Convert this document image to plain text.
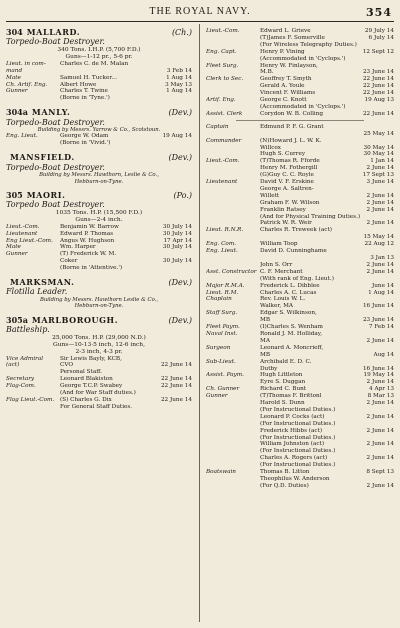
THE ROYAL NAVY.	354
304 MALLARD.	(Ch.)
Torpedo-Boat Destroyer.
340 Tons. I.H.P. (5,700 F.D.)
Guns—1-12 pr., 5-6 pr.
Lieut. in com-	Charles C. de M. Malan
mand	3 Feb 14
Mate	Samuel H. Tucker...	1 Aug 14
Ch. Artif. Eng.	Albert Howe	3 May 13
Gunner	Charles T. Twine	1 Aug 14
(Borne in 'Tyne.')
304a MANLY.	(Dev.)
Torpedo-Boat Destroyer.
Building by Messrs. Yarrow & Co., Scotstoun.
Eng. Lieut.	George W. Odam	19 Aug 14
(Borne in 'Vivid.')
MANSFIELD.	(Dev.)
Torpedo-Boat Destroyer.
Building by Messrs. Hawthorn, Leslie & Co.,
Hebburn-on-Tyne.
305 MAORI.	(Po.)
Torpedo Boat Destroyer.
1035 Tons. H.P. (15,500 F.D.)
Guns—2-4 inch.
Lieut.-Com.	Benjamin W. Barrow	30 July 14
Lieutenant	Edward P. Thomas	30 July 14
Eng Lieut.-Com.	Angus W. Hughson	17 Apr 14
Mate	Wm. Harper	30 July 14
Gunner	(T) Frederick W. M.
Coker	30 July 14
(Borne in 'Attentive.')
MARKSMAN.	(Dev.)
Flotilla Leader.
Building by Messrs. Hawthorn Leslie & Co.,
Hebburn-on-Tyne.
305a MARLBOROUGH.	(Dev.)
Battleship.
25,000 Tons. H.P. (29,000 N.D.)
Guns—10-13·5 inch, 12-6 inch,
2-3 inch, 4-3 pr.
Vice Admiral	Sir Lewis Bayly, KCB,
(act)	CVO	22 June 14
Personal Staff.
Secretary	Leonard Blakiston	22 June 14
Flag-Com.	George T.C.P. Swabey	22 June 14
(And for War Staff duties.)
Flag Lieut.-Com.	(S) Charles G. Dix	22 June 14
For General Staff Duties.
Lieut.-Com.	Edward L. Grieve	29 July 14
(T)James F. Somerville	6 July 14
(For Wireless Telegraphy Duties.)
Eng. Capt.	Henry P. Vining	12 Sept 12
(Accommodated in 'Cyclops.')
Fleet Surg.	Henry W. Finlayson,
M.B.	23 June 14
Clerk to Sec.	Geoffrey T. Smyth	22 June 14
Gerald A. Youle	22 June 14
Vincent F. Williams	22 June 14
Artif. Eng.	George C. Knott	19 Aug 13
(Accommodated in 'Cyclops.')
Assist. Clerk	Corydon W. B. Colling	22 June 14
Captain	Edmund P. F. G. Grant
25 May 14
Commander	(N)Howard J. L. W. K.
Willcox	30 May 14
Hugh S. Currey	30 May 14
Lieut.-Com.	(T)Thomas R. Fforde	1 Jan 14
Henry M. Fothergill	2 June 14
(G)Guy C. C. Royle	17 Sept 13
Lieutenant	David V. F. Erskine	3 June 14
George A. Saltren-
Willett	2 June 14
Graham F. W. Wilson	2 June 14
Franklin Ratsey	2 June 14
(And for Physical Training Duties.)
Patrick W. R. Weir	2 June 14
Lieut. R.N.R.	Charles R. Treweek (act)
15 May 14
Eng. Com.	William Toop	22 Aug 12
Eng. Lieut.	David D. Cunninghame
3 Jan 13
John S. Orr	2 June 14
Asst. Constructor C. F. Merchant	2 June 14
(With rank of Eng. Lieut.)
Major R.M.A.	Frederick L. Dibblee	June 14
Lieut. R.M.	Charles A. C. Lucas	1 Aug 14
Chaplain	Rev. Louis W. L.
Walker, MA	16 June 14
Staff Surg.	Edgar S. Wilkinson,
MB	23 June 14
Fleet Paym.	(I)Charles S. Wenham	7 Feb 14
Naval Inst.	Ronald J. M. Holliday,
MA	2 June 14
Surgeon	Leonard A. Moncrieff,
MB	Aug 14
Sub-Lieut.	Archibald E. D. C.
Dutby	16 June 14
Assist. Paym.	Hugh Littleton	19 May 14
Eyre S. Duggan	2 June 14
Ch. Gunner	Richard C. Bunt	4 Apr 13
Gunner	(T)Thomas F. Brittonl	8 Mar 13
Harold S. Dunn	2 June 14
(For Instructional Duties.)
Leonard P. Cocks (act)	2 June 14
(For Instructional Duties.)
Frederick Hibbs (act)	2 June 14
(For Instructional Duties.)
William Johnston (act)	2 June 14
(For Instructional Duties.)
Charles A. Rogers (act)	2 June 14
(For Instructional Duties.)
Boatswain	Thomas B. Litton	8 Sept 13
Theophilus W. Anderson
(For Q.D. Duties)	2 June 14
